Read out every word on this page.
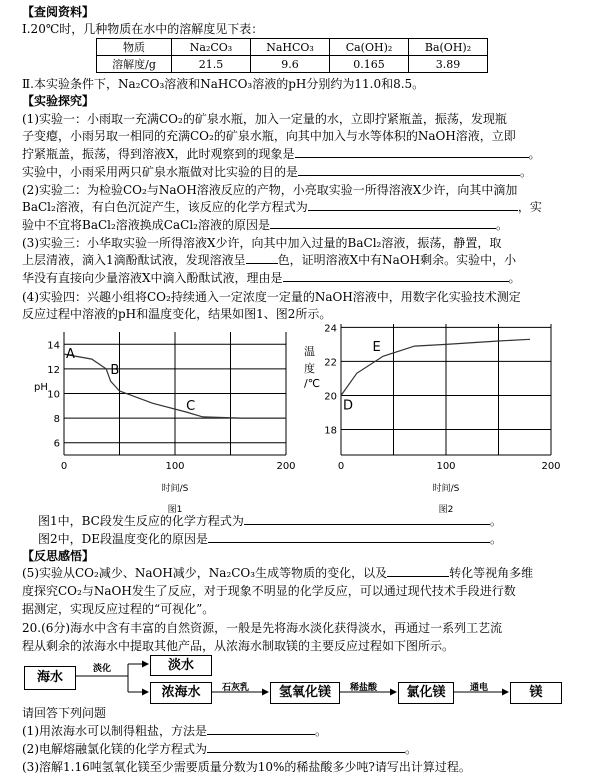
【查阅资料】
Ⅰ.20℃时，几种物质在水中的溶解度见下表：
物质	Na₂CO₃	NaHCO₃	Ca(OH)₂	Ba(OH)₂
溶解度/g	21.5	9.6	0.165	3.89
Ⅱ.本实验条件下，Na₂CO₃溶液和NaHCO₃溶液的pH分别约为11.0和8.5。
【实验探究】
(1)实验一：小雨取一充满CO₂的矿泉水瓶，加入一定量的水，立即拧紧瓶盖，振荡，发现瓶
子变瘪，小雨另取一相同的充满CO₂的矿泉水瓶，向其中加入与水等体积的NaOH溶液，立即
拧紧瓶盖，振荡，得到溶液X，此时观察到的现象是	。
实验中，小雨采用两只矿泉水瓶做对比实验的目的是	。
(2)实验二：为检验CO₂与NaOH溶液反应的产物，小亮取实验一所得溶液X少许，向其中滴加
BaCl₂溶液，有白色沉淀产生，该反应的化学方程式为	，实
验中不宜将BaCl₂溶液换成CaCl₂溶液的原因是	。
(3)实验三：小华取实验一所得溶液X少许，向其中加入过量的BaCl₂溶液，振荡，静置，取
上层清液，滴入1滴酚酞试液，发现溶液呈	色，证明溶液X中有NaOH剩余。实验中，小
华没有直接向少量溶液X中滴入酚酞试液，理由是	。
(4)实验四：兴趣小组将CO₂持续通入一定浓度一定量的NaOH溶液中，用数字化实验技术测定
反应过程中溶液的pH和温度变化，结果如图1、图2所示。
6
8
10
12
14
0	100	200
A
B
C
时间/S
图1
pH
18
20
22
24
0	100	200
D
E
时间/S
图2
温
度
/℃
图1中，BC段发生反应的化学方程式为	。
图2中，DE段温度变化的原因是	。
【反思感悟】
(5)实验从CO₂减少、NaOH减少，Na₂CO₃生成等物质的变化，以及	转化等视角多维
度探究CO₂与NaOH发生了反应，对于现象不明显的化学反应，可以通过现代技术手段进行数
据测定，实现反应过程的“可视化”。
20.(6分)海水中含有丰富的自然资源，一般是先将海水淡化获得淡水，再通过一系列工艺流
程从剩余的浓海水中提取其他产品，从浓海水制取镁的主要反应过程如下图所示。
海水
淡水
浓海水	氢氧化镁	氯化镁	镁
淡化
石灰乳	稀盐酸	通电
请回答下列问题
(1)用浓海水可以制得粗盐，方法是	。
(2)电解熔融氯化镁的化学方程式为	。
(3)溶解1.16吨氢氧化镁至少需要质量分数为10%的稀盐酸多少吨?请写出计算过程。
